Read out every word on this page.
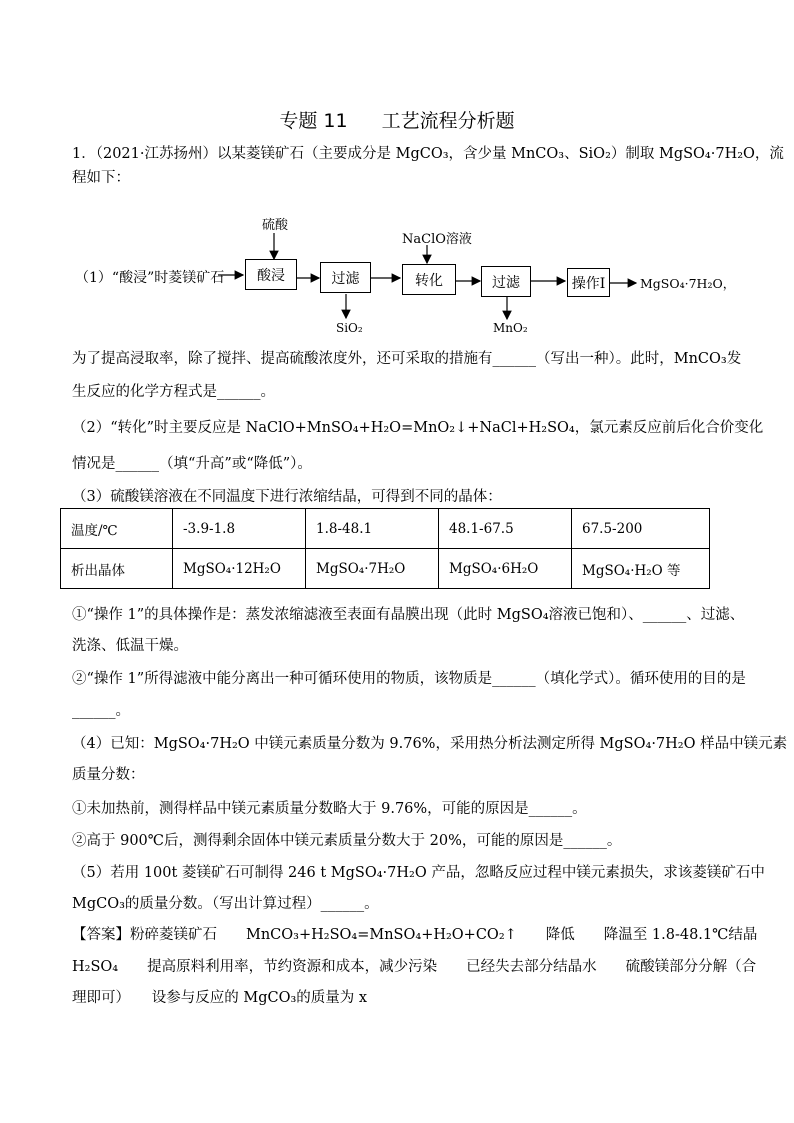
专题 11 工艺流程分析题
1．（2021·江苏扬州）以某菱镁矿石（主要成分是 MgCO₃，含少量 MnCO₃、SiO₂）制取 MgSO₄·7H₂O，流
程如下：
硫酸
NaClO溶液
（1）“酸浸”时菱镁矿石	酸浸	过滤	转化	过滤	操作I	MgSO₄·7H₂O，
SiO₂	MnO₂
为了提高浸取率，除了搅拌、提高硫酸浓度外，还可采取的措施有______（写出一种）。此时，MnCO₃发
生反应的化学方程式是______。
（2）“转化”时主要反应是 NaClO+MnSO₄+H₂O=MnO₂↓+NaCl+H₂SO₄，氯元素反应前后化合价变化
情况是______（填“升高”或“降低”）。
（3）硫酸镁溶液在不同温度下进行浓缩结晶，可得到不同的晶体：
温度/℃	-3.9-1.8	1.8-48.1	48.1-67.5	67.5-200
析出晶体	MgSO₄·12H₂O	MgSO₄·7H₂O	MgSO₄·6H₂O	MgSO₄·H₂O 等
①“操作 1”的具体操作是：蒸发浓缩滤液至表面有晶膜出现（此时 MgSO₄溶液已饱和）、______、过滤、
洗涤、低温干燥。
②“操作 1”所得滤液中能分离出一种可循环使用的物质，该物质是______（填化学式）。循环使用的目的是
______。
（4）已知：MgSO₄·7H₂O 中镁元素质量分数为 9.76%，采用热分析法测定所得 MgSO₄·7H₂O 样品中镁元素
质量分数：
①未加热前，测得样品中镁元素质量分数略大于 9.76%，可能的原因是______。
②高于 900℃后，测得剩余固体中镁元素质量分数大于 20%，可能的原因是______。
（5）若用 100t 菱镁矿石可制得 246 t MgSO₄·7H₂O 产品，忽略反应过程中镁元素损失，求该菱镁矿石中
MgCO₃的质量分数。（写出计算过程）______。
【答案】粉碎菱镁矿石　　MnCO₃+H₂SO₄=MnSO₄+H₂O+CO₂↑　　降低　　降温至 1.8-48.1℃结晶
H₂SO₄　　提高原料利用率，节约资源和成本，减少污染　　已经失去部分结晶水　　硫酸镁部分分解（合
理即可）　　设参与反应的 MgCO₃的质量为 x
